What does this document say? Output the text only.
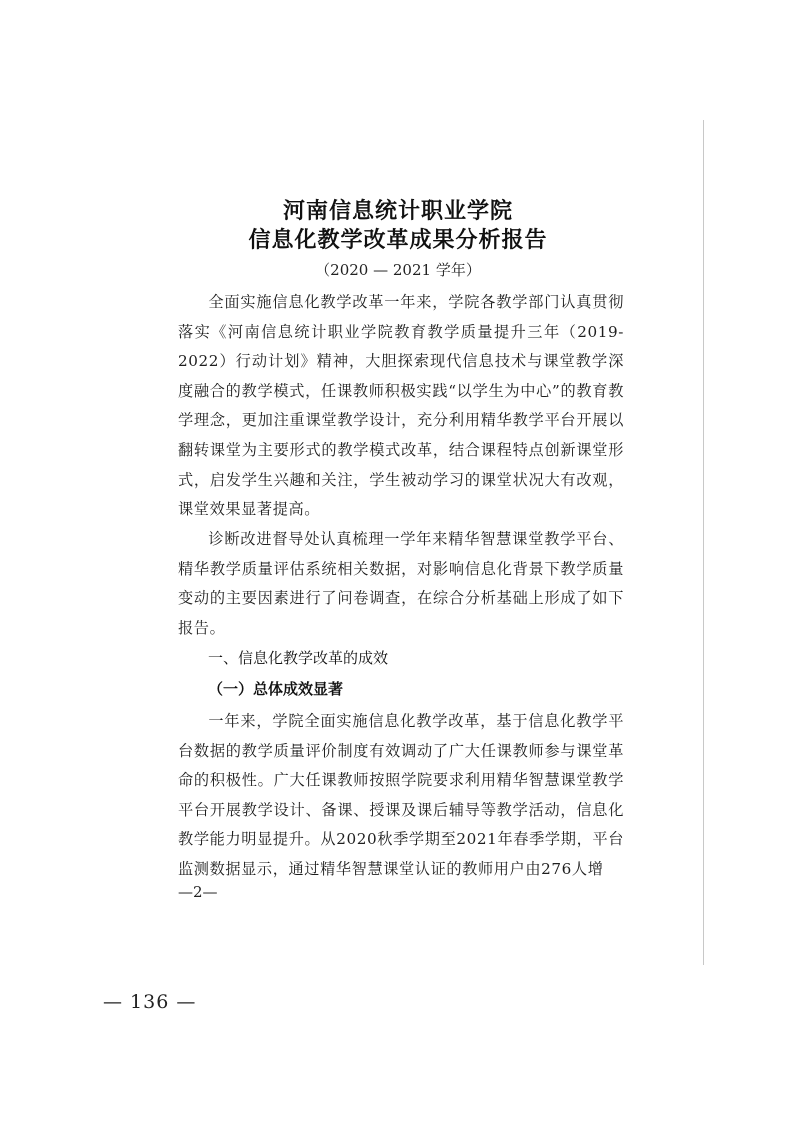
河南信息统计职业学院
信息化教学改革成果分析报告
（2020 — 2021 学年）

全面实施信息化教学改革一年来，学院各教学部门认真贯彻落实《河南信息统计职业学院教育教学质量提升三年（2019-2022）行动计划》精神，大胆探索现代信息技术与课堂教学深度融合的教学模式，任课教师积极实践“以学生为中心”的教育教学理念，更加注重课堂教学设计，充分利用精华教学平台开展以翻转课堂为主要形式的教学模式改革，结合课程特点创新课堂形式，启发学生兴趣和关注，学生被动学习的课堂状况大有改观，课堂效果显著提高。

诊断改进督导处认真梳理一学年来精华智慧课堂教学平台、精华教学质量评估系统相关数据，对影响信息化背景下教学质量变动的主要因素进行了问卷调查，在综合分析基础上形成了如下报告。

一、信息化教学改革的成效
（一）总体成效显著

一年来，学院全面实施信息化教学改革，基于信息化教学平台数据的教学质量评价制度有效调动了广大任课教师参与课堂革命的积极性。广大任课教师按照学院要求利用精华智慧课堂教学平台开展教学设计、备课、授课及课后辅导等教学活动，信息化教学能力明显提升。从2020秋季学期至2021年春季学期，平台监测数据显示，通过精华智慧课堂认证的教师用户由276人增

—2—
— 136 —
